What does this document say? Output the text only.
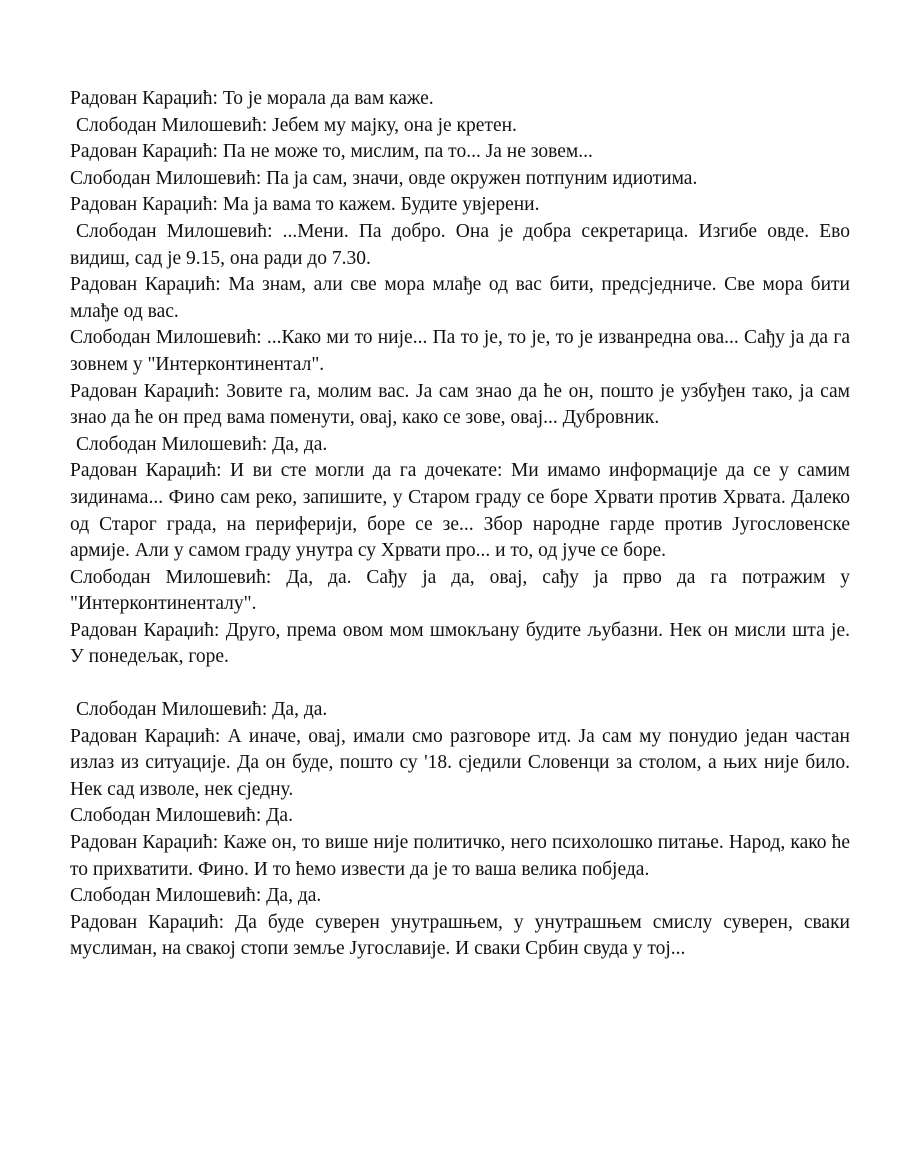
Радован Караџић: То је морала да вам каже.

Слободан Милошевић: Јебем му мајку, она је кретен.

Радован Караџић: Па не може то, мислим, па то... Ја не зовем...

Слободан Милошевић: Па ја сам, значи, овде окружен потпуним идиотима.

Радован Караџић: Ма ја вама то кажем. Будите увјерени.

Слободан Милошевић: ...Мени. Па добро. Она је добра секретарица. Изгибе овде. Ево видиш, сад је 9.15, она ради до 7.30.

Радован Караџић: Ма знам, али све мора млађе од вас бити, предсједниче. Све мора бити млађе од вас.

Слободан Милошевић: ...Како ми то није... Па то је, то је, то је изванредна ова... Сађу ја да га зовнем у "Интерконтинентал".

Радован Караџић: Зовите га, молим вас. Ја сам знао да ће он, пошто је узбуђен тако, ја сам знао да ће он пред вама поменути, овај, како се зове, овај... Дубровник.

Слободан Милошевић: Да, да.

Радован Караџић: И ви сте могли да га дочекате: Ми имамо информације да се у самим зидинама... Фино сам реко, запишите, у Старом граду се боре Хрвати против Хрвата. Далеко од Старог града, на периферији, боре се зе... Збор народне гарде против Југословенске армије. Али у самом граду унутра су Хрвати про... и то, од јуче се боре.

Слободан Милошевић: Да, да. Сађу ја да, овај, сађу ја прво да га потражим у "Интерконтиненталу".

Радован Караџић: Друго, према овом мом шмокљану будите љубазни. Нек он мисли шта је. У понедељак, горе.

Слободан Милошевић: Да, да.

Радован Караџић: А иначе, овај, имали смо разговоре итд. Ја сам му понудио један частан излаз из ситуације. Да он буде, пошто су '18. сједили Словенци за столом, а њих није било. Нек сад изволе, нек сједну.

Слободан Милошевић: Да.

Радован Караџић: Каже он, то више није политичко, него психолошко питање. Народ, како ће то прихватити. Фино. И то ћемо извести да је то ваша велика побједа.

Слободан Милошевић: Да, да.

Радован Караџић: Да буде суверен унутрашњем, у унутрашњем смислу суверен, сваки муслиман, на свакој стопи земље Југославије. И сваки Србин свуда у тој...
